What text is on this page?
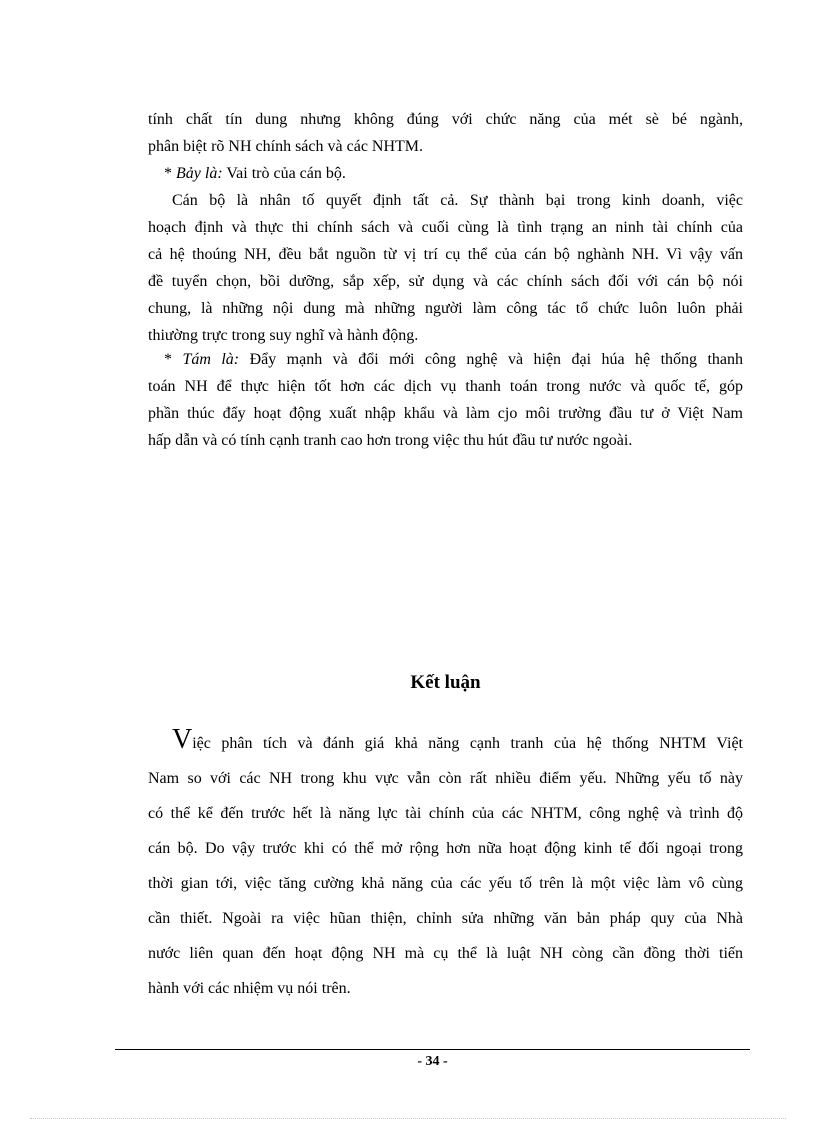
tính chất tín dung nhưng không đúng với chức năng của mét sè bé ngành,
phân biệt rõ NH chính sách và các NHTM.
* Bảy là: Vai trò của cán bộ.
Cán bộ là nhân tố quyết định tất cả. Sự thành bại trong kinh doanh, việc
hoạch định và thực thi chính sách và cuối cùng là tình trạng an ninh tài chính của
cả hệ thoúng NH, đều bắt nguồn từ vị trí cụ thể của cán bộ nghành NH. Vì vậy vấn
đề tuyển chọn, bồi dưỡng, sắp xếp, sử dụng và các chính sách đối với cán bộ nói
chung, là những nội dung mà những người làm công tác tổ chức luôn luôn phải
thiường trực trong suy nghĩ và hành động.
* Tám là: Đẩy mạnh và đổi mới công nghệ và hiện đại húa hệ thống thanh
toán NH để thực hiện tốt hơn các dịch vụ thanh toán trong nước và quốc tế, góp
phần thúc đẩy hoạt động xuất nhập khẩu và làm cjo môi trường đầu tư ở Việt Nam
hấp dẫn và có tính cạnh tranh cao hơn trong việc thu hút đầu tư nước ngoài.
Kết luận
Việc phân tích và đánh giá khả năng cạnh tranh của hệ thống NHTM Việt
Nam so với các NH trong khu vực vẫn còn rất nhiều điểm yếu. Những yếu tố này
có thể kể đến trước hết là năng lực tài chính của các NHTM, công nghệ và trình độ
cán bộ. Do vậy trước khi có thể mở rộng hơn nữa hoạt động kinh tế đối ngoại trong
thời gian tới, việc tăng cường khả năng của các yếu tố trên là một việc làm vô cùng
cần thiết. Ngoài ra việc hũan thiện, chỉnh sửa những văn bản pháp quy của Nhà
nước liên quan đến hoạt động NH mà cụ thể là luật NH còng cần đồng thời tiến
hành với các nhiệm vụ nói trên.
- 34 -
